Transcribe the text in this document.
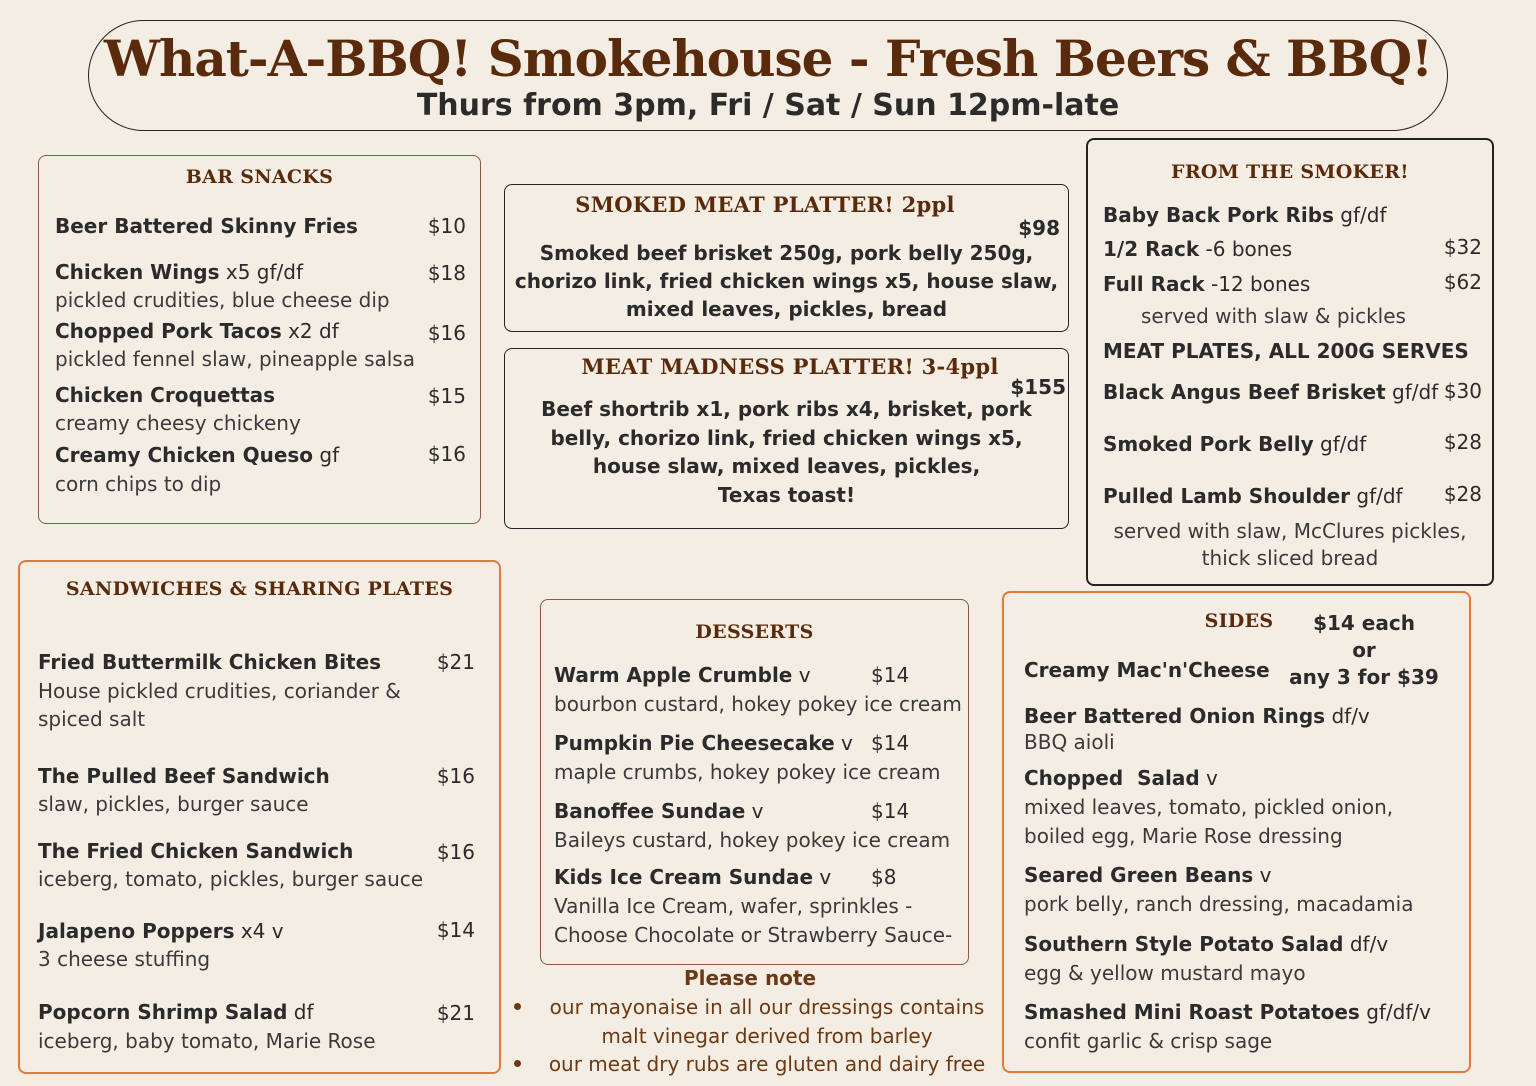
What-A-BBQ! Smokehouse - Fresh Beers & BBQ!
Thurs from 3pm, Fri / Sat / Sun 12pm-late
BAR SNACKS
Beer Battered Skinny Fries	$10
Chicken Wings x5 gf/df	$18
pickled crudities, blue cheese dip
Chopped Pork Tacos x2 df	$16
pickled fennel slaw, pineapple salsa
Chicken Croquettas	$15
creamy cheesy chickeny
Creamy Chicken Queso gf	$16
corn chips to dip
SMOKED MEAT PLATTER! 2ppl
$98
Smoked beef brisket 250g, pork belly 250g,
chorizo link, fried chicken wings x5, house slaw,
mixed leaves, pickles, bread
MEAT MADNESS PLATTER! 3-4ppl
$155
Beef shortrib x1, pork ribs x4, brisket, pork
belly, chorizo link, fried chicken wings x5,
house slaw, mixed leaves, pickles,
Texas toast!
FROM THE SMOKER!
Baby Back Pork Ribs gf/df
1/2 Rack -6 bones	$32
Full Rack -12 bones	$62
served with slaw & pickles
MEAT PLATES, ALL 200G SERVES
Black Angus Beef Brisket gf/df $30
Smoked Pork Belly gf/df	$28
Pulled Lamb Shoulder gf/df $28
served with slaw, McClures pickles,
thick sliced bread
SANDWICHES & SHARING PLATES
Fried Buttermilk Chicken Bites	$21
House pickled crudities, coriander &
spiced salt
The Pulled Beef Sandwich	$16
slaw, pickles, burger sauce
The Fried Chicken Sandwich	$16
iceberg, tomato, pickles, burger sauce
Jalapeno Poppers x4 v	$14
3 cheese stuffing
Popcorn Shrimp Salad df	$21
iceberg, baby tomato, Marie Rose
DESSERTS
Warm Apple Crumble v	$14
bourbon custard, hokey pokey ice cream
Pumpkin Pie Cheesecake v $14
maple crumbs, hokey pokey ice cream
Banoffee Sundae v	$14
Baileys custard, hokey pokey ice cream
Kids Ice Cream Sundae v $8
Vanilla Ice Cream, wafer, sprinkles -
Choose Chocolate or Strawberry Sauce-
Please note
our mayonaise in all our dressings contains
malt vinegar derived from barley
our meat dry rubs are gluten and dairy free
SIDES	$14 each
or
any 3 for $39
Creamy Mac'n'Cheese
Beer Battered Onion Rings df/v
BBQ aioli
Chopped  Salad v
mixed leaves, tomato, pickled onion,
boiled egg, Marie Rose dressing
Seared Green Beans v
pork belly, ranch dressing, macadamia
Southern Style Potato Salad df/v
egg & yellow mustard mayo
Smashed Mini Roast Potatoes gf/df/v
confit garlic & crisp sage
